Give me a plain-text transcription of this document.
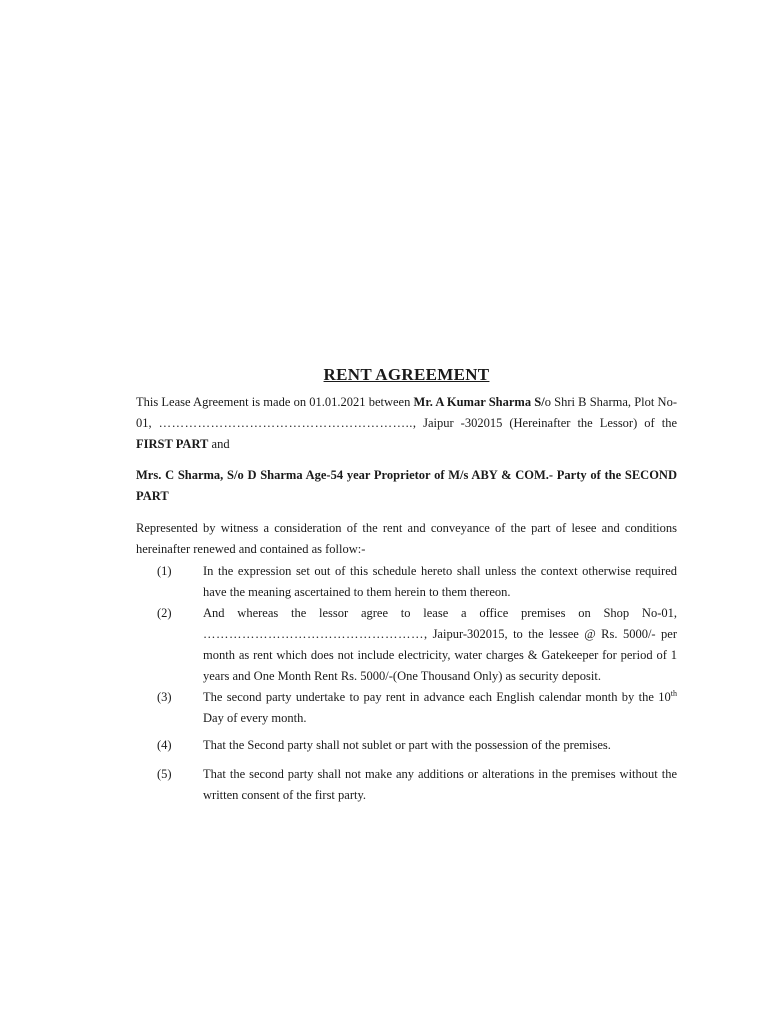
RENT AGREEMENT

This Lease Agreement is made on 01.01.2021 between Mr. A Kumar Sharma S/o Shri B Sharma, Plot No- 01, ………………………………………………….., Jaipur -302015 (Hereinafter the Lessor) of the FIRST PART and

Mrs. C Sharma, S/o D Sharma Age-54 year Proprietor of M/s ABY & COM.- Party of the SECOND PART

Represented by witness a consideration of the rent and conveyance of the part of lesee and conditions hereinafter renewed and contained as follow:-

(1)	In the expression set out of this schedule hereto shall unless the context otherwise required have the meaning ascertained to them herein to them thereon.
(2)	And whereas the lessor agree to lease a office premises on Shop No-01, ……………………………………………, Jaipur-302015, to the lessee @ Rs. 5000/- per month as rent which does not include electricity, water charges & Gatekeeper for period of 1 years and One Month Rent Rs. 5000/-(One Thousand Only) as security deposit.
(3)	The second party undertake to pay rent in advance each English calendar month by the 10th Day of every month.
(4)	That the Second party shall not sublet or part with the possession of the premises.
(5)	That the second party shall not make any additions or alterations in the premises without the written consent of the first party.
